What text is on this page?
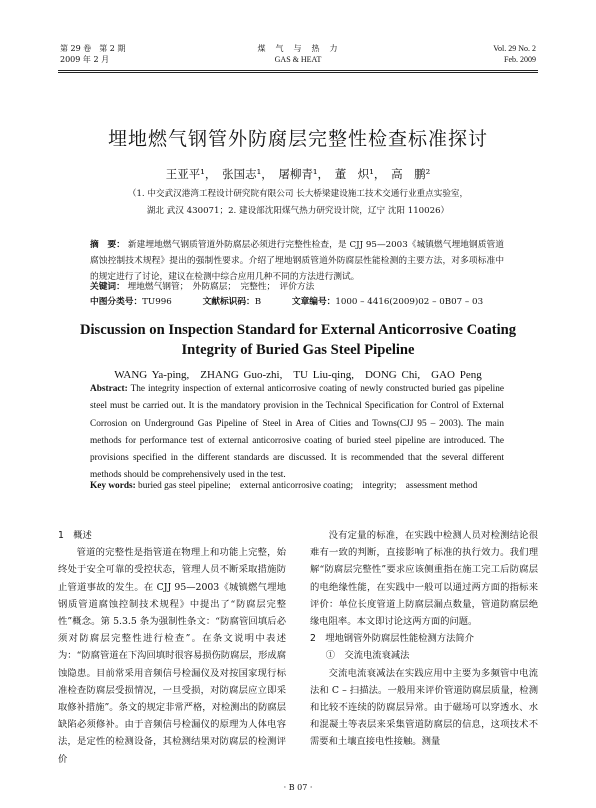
第 29 卷　第 2 期
2009 年 2 月
煤　气　与　热　力
GAS & HEAT
Vol. 29 No. 2
Feb. 2009
埋地燃气钢管外防腐层完整性检查标准探讨
王亚平¹，　张国志¹，　屠柳青¹，　董　炽¹，　高　鹏²
（1. 中交武汉港湾工程设计研究院有限公司 长大桥梁建设施工技术交通行业重点实验室，
湖北 武汉 430071；2. 建设部沈阳煤气热力研究设计院，辽宁 沈阳 110026）
摘　要： 新建埋地燃气钢质管道外防腐层必须进行完整性检查，是 CJJ 95—2003《城镇燃气埋地钢质管道腐蚀控制技术规程》提出的强制性要求。介绍了埋地钢质管道外防腐层性能检测的主要方法，对多项标准中的规定进行了讨论，建议在检测中综合应用几种不同的方法进行测试。
关键词： 埋地燃气钢管；　外防腐层；　完整性；　评价方法
中图分类号：TU996	文献标识码：B	文章编号：1000 – 4416(2009)02 – 0B07 – 03
Discussion on Inspection Standard for External Anticorrosive Coating
Integrity of Buried Gas Steel Pipeline
WANG Ya-ping,　ZHANG Guo-zhi,　TU Liu-qing,　DONG Chi,　GAO Peng
Abstract: The integrity inspection of external anticorrosive coating of newly constructed buried gas pipeline steel must be carried out. It is the mandatory provision in the Technical Specification for Control of External Corrosion on Underground Gas Pipeline of Steel in Area of Cities and Towns(CJJ 95 – 2003). The main methods for performance test of external anticorrosive coating of buried steel pipeline are introduced. The provisions specified in the different standards are discussed. It is recommended that the several different methods should be comprehensively used in the test.
Key words: buried gas steel pipeline;　external anticorrosive coating;　integrity;　assessment method

1　概述

管道的完整性是指管道在物理上和功能上完整，始终处于安全可靠的受控状态，管理人员不断采取措施防止管道事故的发生。在 CJJ 95—2003《城镇燃气埋地钢质管道腐蚀控制技术规程》中提出了“防腐层完整性”概念。第 5.3.5 条为强制性条文：“防腐管回填后必须对防腐层完整性进行检查”。在条文说明中表述为：“防腐管道在下沟回填时很容易损伤防腐层，形成腐蚀隐患。目前常采用音频信号检漏仪及对按国家现行标准检查防腐层受损情况，一旦受损，对防腐层应立即采取修补措施”。条文的规定非常严格，对检测出的防腐层缺陷必须修补。由于音频信号检漏仪的原理为人体电容法，是定性的检测设备，其检测结果对防腐层的检测评价

没有定量的标准，在实践中检测人员对检测结论很难有一致的判断，直接影响了标准的执行效力。我们理解“防腐层完整性”要求应该侧重指在施工完工后防腐层的电绝缘性能，在实践中一般可以通过两方面的指标来评价：单位长度管道上防腐层漏点数量，管道防腐层绝缘电阻率。本文即讨论这两方面的问题。

2　埋地钢管外防腐层性能检测方法简介

①　交流电流衰减法

交流电流衰减法在实践应用中主要为多频管中电流法和 C – 扫描法。一般用来评价管道防腐层质量，检测和比较不连续的防腐层异常。由于磁场可以穿透水、水和混凝土等表层来采集管道防腐层的信息，这项技术不需要和土壤直接电性接触。测量

· B 07 ·
